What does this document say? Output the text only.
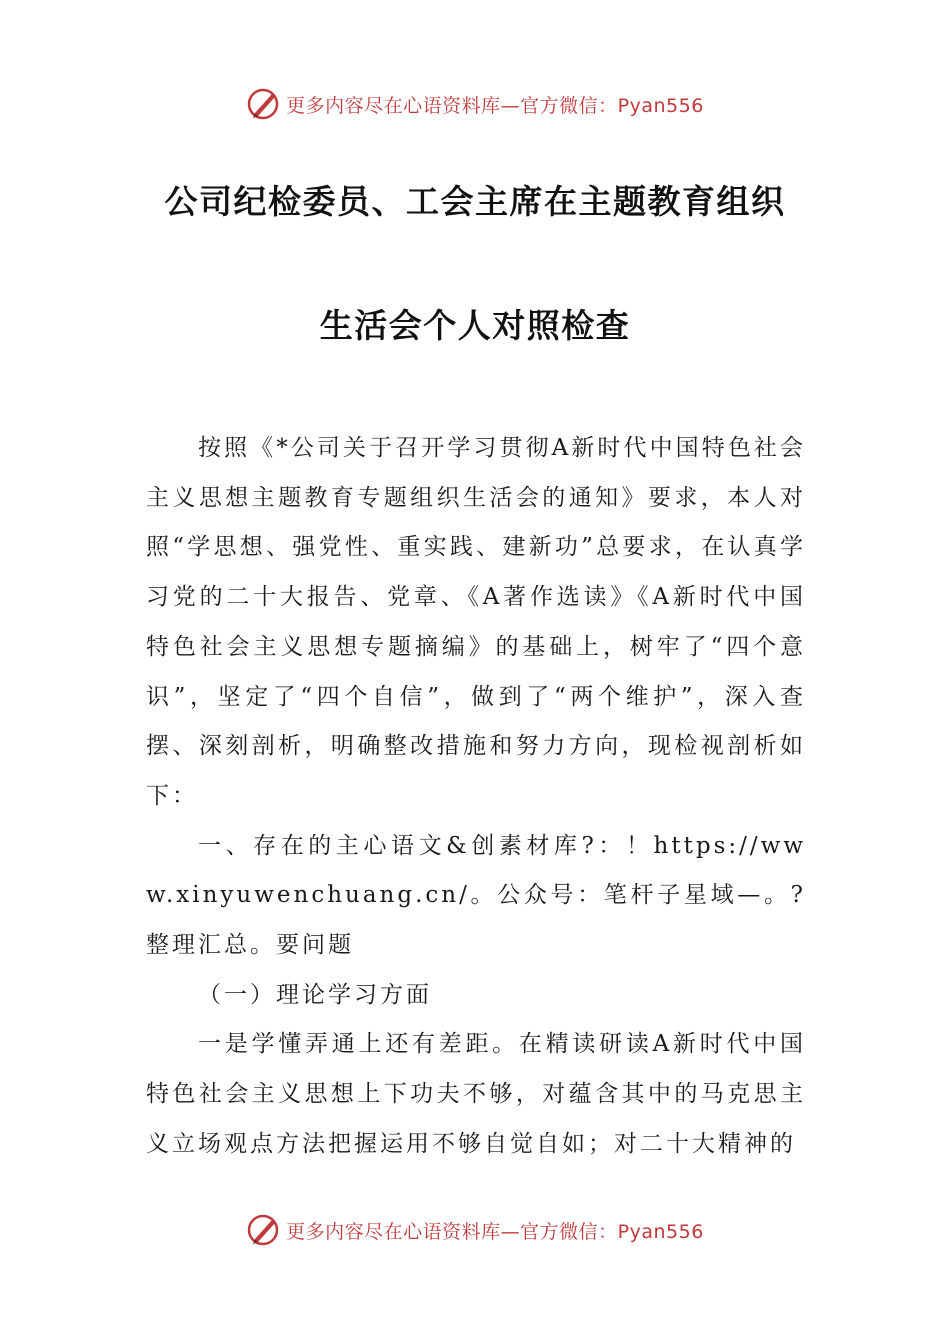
更多内容尽在心语资料库—官方微信：Pyan556
公司纪检委员、工会主席在主题教育组织
生活会个人对照检查

按照《*公司关于召开学习贯彻A新时代中国特色社会主义思想主题教育专题组织生活会的通知》要求，本人对照“学思想、强党性、重实践、建新功”总要求，在认真学习党的二十大报告、党章、《A著作选读》《A新时代中国特色社会主义思想专题摘编》的基础上，树牢了“四个意识”，坚定了“四个自信”，做到了“两个维护”，深入查摆、深刻剖析，明确整改措施和努力方向，现检视剖析如下：

一、存在的主心语文&创素材库?：！https://www.xinyuwenchuang.cn/。公众号：笔杆子星域—。?整理汇总。要问题

（一）理论学习方面

一是学懂弄通上还有差距。在精读研读A新时代中国特色社会主义思想上下功夫不够，对蕴含其中的马克思主义立场观点方法把握运用不够自觉自如；对二十大精神的

更多内容尽在心语资料库—官方微信：Pyan556
